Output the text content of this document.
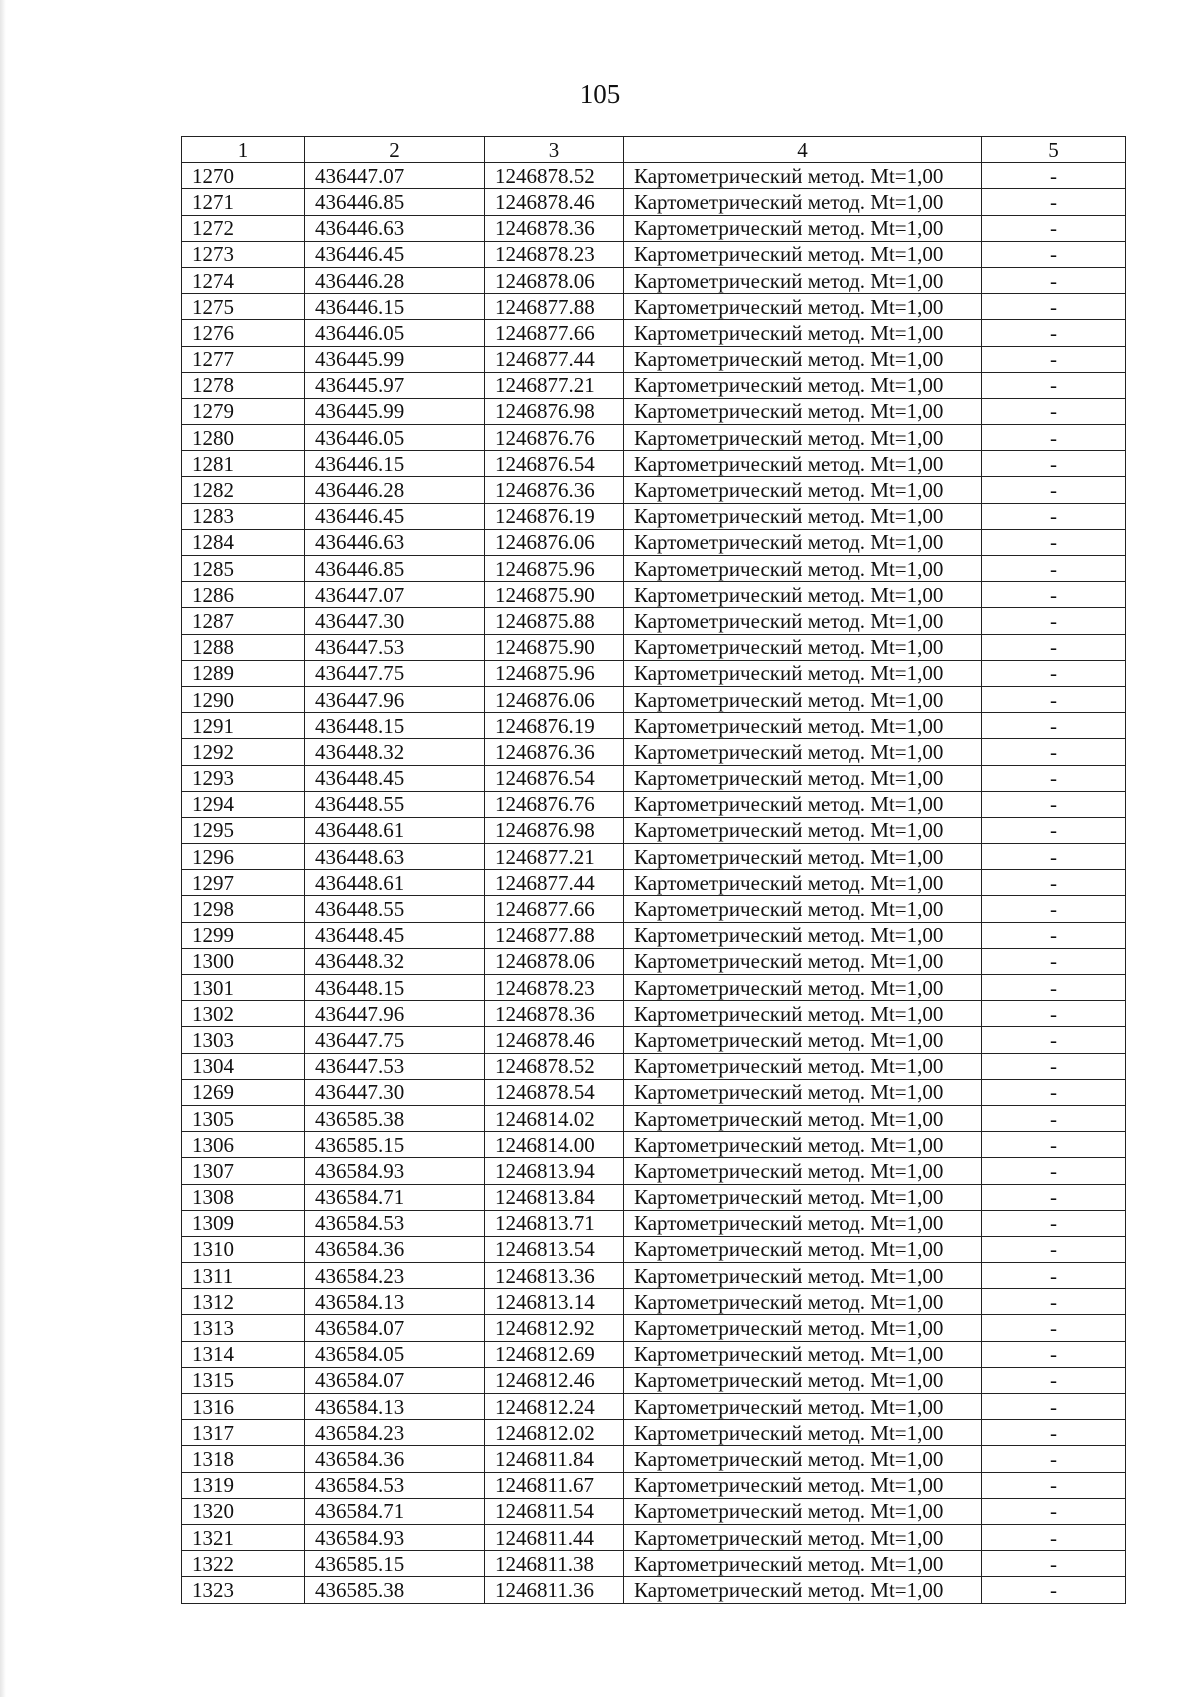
105
1	2	3	4	5
1270	436447.07	1246878.52	Картометрический метод. Mt=1,00	-
1271	436446.85	1246878.46	Картометрический метод. Mt=1,00	-
1272	436446.63	1246878.36	Картометрический метод. Mt=1,00	-
1273	436446.45	1246878.23	Картометрический метод. Mt=1,00	-
1274	436446.28	1246878.06	Картометрический метод. Mt=1,00	-
1275	436446.15	1246877.88	Картометрический метод. Mt=1,00	-
1276	436446.05	1246877.66	Картометрический метод. Mt=1,00	-
1277	436445.99	1246877.44	Картометрический метод. Mt=1,00	-
1278	436445.97	1246877.21	Картометрический метод. Mt=1,00	-
1279	436445.99	1246876.98	Картометрический метод. Mt=1,00	-
1280	436446.05	1246876.76	Картометрический метод. Mt=1,00	-
1281	436446.15	1246876.54	Картометрический метод. Mt=1,00	-
1282	436446.28	1246876.36	Картометрический метод. Mt=1,00	-
1283	436446.45	1246876.19	Картометрический метод. Mt=1,00	-
1284	436446.63	1246876.06	Картометрический метод. Mt=1,00	-
1285	436446.85	1246875.96	Картометрический метод. Mt=1,00	-
1286	436447.07	1246875.90	Картометрический метод. Mt=1,00	-
1287	436447.30	1246875.88	Картометрический метод. Mt=1,00	-
1288	436447.53	1246875.90	Картометрический метод. Mt=1,00	-
1289	436447.75	1246875.96	Картометрический метод. Mt=1,00	-
1290	436447.96	1246876.06	Картометрический метод. Mt=1,00	-
1291	436448.15	1246876.19	Картометрический метод. Mt=1,00	-
1292	436448.32	1246876.36	Картометрический метод. Mt=1,00	-
1293	436448.45	1246876.54	Картометрический метод. Mt=1,00	-
1294	436448.55	1246876.76	Картометрический метод. Mt=1,00	-
1295	436448.61	1246876.98	Картометрический метод. Mt=1,00	-
1296	436448.63	1246877.21	Картометрический метод. Mt=1,00	-
1297	436448.61	1246877.44	Картометрический метод. Mt=1,00	-
1298	436448.55	1246877.66	Картометрический метод. Mt=1,00	-
1299	436448.45	1246877.88	Картометрический метод. Mt=1,00	-
1300	436448.32	1246878.06	Картометрический метод. Mt=1,00	-
1301	436448.15	1246878.23	Картометрический метод. Mt=1,00	-
1302	436447.96	1246878.36	Картометрический метод. Mt=1,00	-
1303	436447.75	1246878.46	Картометрический метод. Mt=1,00	-
1304	436447.53	1246878.52	Картометрический метод. Mt=1,00	-
1269	436447.30	1246878.54	Картометрический метод. Mt=1,00	-
1305	436585.38	1246814.02	Картометрический метод. Mt=1,00	-
1306	436585.15	1246814.00	Картометрический метод. Mt=1,00	-
1307	436584.93	1246813.94	Картометрический метод. Mt=1,00	-
1308	436584.71	1246813.84	Картометрический метод. Mt=1,00	-
1309	436584.53	1246813.71	Картометрический метод. Mt=1,00	-
1310	436584.36	1246813.54	Картометрический метод. Mt=1,00	-
1311	436584.23	1246813.36	Картометрический метод. Mt=1,00	-
1312	436584.13	1246813.14	Картометрический метод. Mt=1,00	-
1313	436584.07	1246812.92	Картометрический метод. Mt=1,00	-
1314	436584.05	1246812.69	Картометрический метод. Mt=1,00	-
1315	436584.07	1246812.46	Картометрический метод. Mt=1,00	-
1316	436584.13	1246812.24	Картометрический метод. Mt=1,00	-
1317	436584.23	1246812.02	Картометрический метод. Mt=1,00	-
1318	436584.36	1246811.84	Картометрический метод. Mt=1,00	-
1319	436584.53	1246811.67	Картометрический метод. Mt=1,00	-
1320	436584.71	1246811.54	Картометрический метод. Mt=1,00	-
1321	436584.93	1246811.44	Картометрический метод. Mt=1,00	-
1322	436585.15	1246811.38	Картометрический метод. Mt=1,00	-
1323	436585.38	1246811.36	Картометрический метод. Mt=1,00	-
